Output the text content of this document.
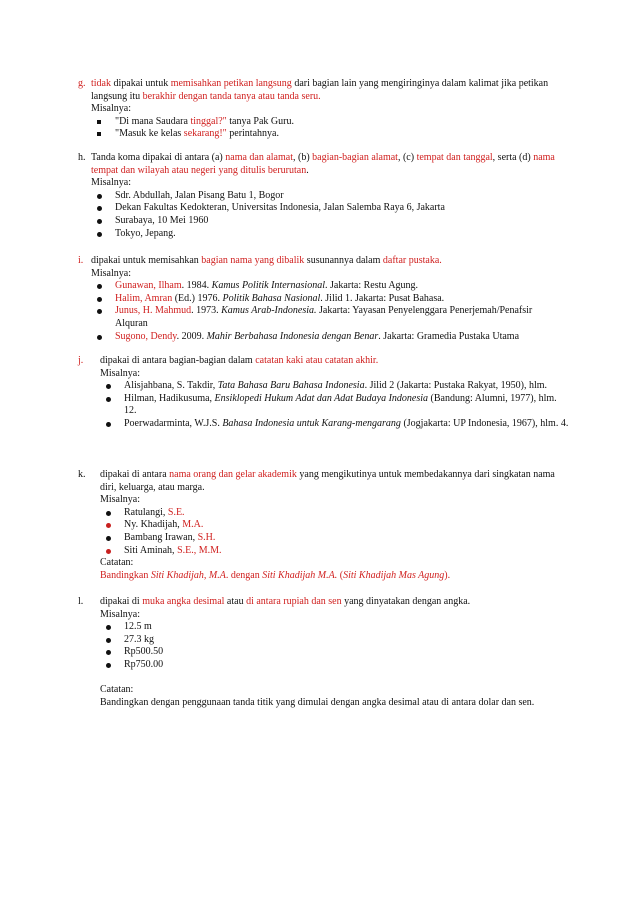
g. tidak dipakai untuk memisahkan petikan langsung dari bagian lain yang mengiringinya dalam kalimat jika petikan langsung itu berakhir dengan tanda tanya atau tanda seru.

Misalnya:

"Di mana Saudara tinggal?" tanya Pak Guru.
"Masuk ke kelas sekarang!" perintahnya.
h. Tanda koma dipakai di antara (a) nama dan alamat, (b) bagian-bagian alamat, (c) tempat dan tanggal, serta (d) nama tempat dan wilayah atau negeri yang ditulis berurutan.

Misalnya:

Sdr. Abdullah, Jalan Pisang Batu 1, Bogor
Dekan Fakultas Kedokteran, Universitas Indonesia, Jalan Salemba Raya 6, Jakarta
Surabaya, 10 Mei 1960
Tokyo, Jepang.
i. dipakai untuk memisahkan bagian nama yang dibalik susunannya dalam daftar pustaka.

Misalnya:

Gunawan, Ilham. 1984. Kamus Politik Internasional. Jakarta: Restu Agung.
Halim, Amran (Ed.) 1976. Politik Bahasa Nasional. Jilid 1. Jakarta: Pusat Bahasa.
Junus, H. Mahmud. 1973. Kamus Arab-Indonesia. Jakarta: Yayasan Penyelenggara Penerjemah/Penafsir Alquran
Sugono, Dendy. 2009. Mahir Berbahasa Indonesia dengan Benar. Jakarta: Gramedia Pustaka Utama
j. dipakai di antara bagian-bagian dalam catatan kaki atau catatan akhir.

Misalnya:

Alisjahbana, S. Takdir, Tata Bahasa Baru Bahasa Indonesia. Jilid 2 (Jakarta: Pustaka Rakyat, 1950), hlm.
Hilman, Hadikusuma, Ensiklopedi Hukum Adat dan Adat Budaya Indonesia (Bandung: Alumni, 1977), hlm. 12.
Poerwadarminta, W.J.S. Bahasa Indonesia untuk Karang-mengarang (Jogjakarta: UP Indonesia, 1967), hlm. 4.
k. dipakai di antara nama orang dan gelar akademik yang mengikutinya untuk membedakannya dari singkatan nama diri, keluarga, atau marga.

Misalnya:

Ratulangi, S.E.
Ny. Khadijah, M.A.
Bambang Irawan, S.H.
Siti Aminah, S.E., M.M.

Catatan:

Bandingkan Siti Khadijah, M.A. dengan Siti Khadijah M.A. (Siti Khadijah Mas Agung).

l. dipakai di muka angka desimal atau di antara rupiah dan sen yang dinyatakan dengan angka.

Misalnya:

12.5 m
27.3 kg
Rp500.50
Rp750.00

Catatan:

Bandingkan dengan penggunaan tanda titik yang dimulai dengan angka desimal atau di antara dolar dan sen.
